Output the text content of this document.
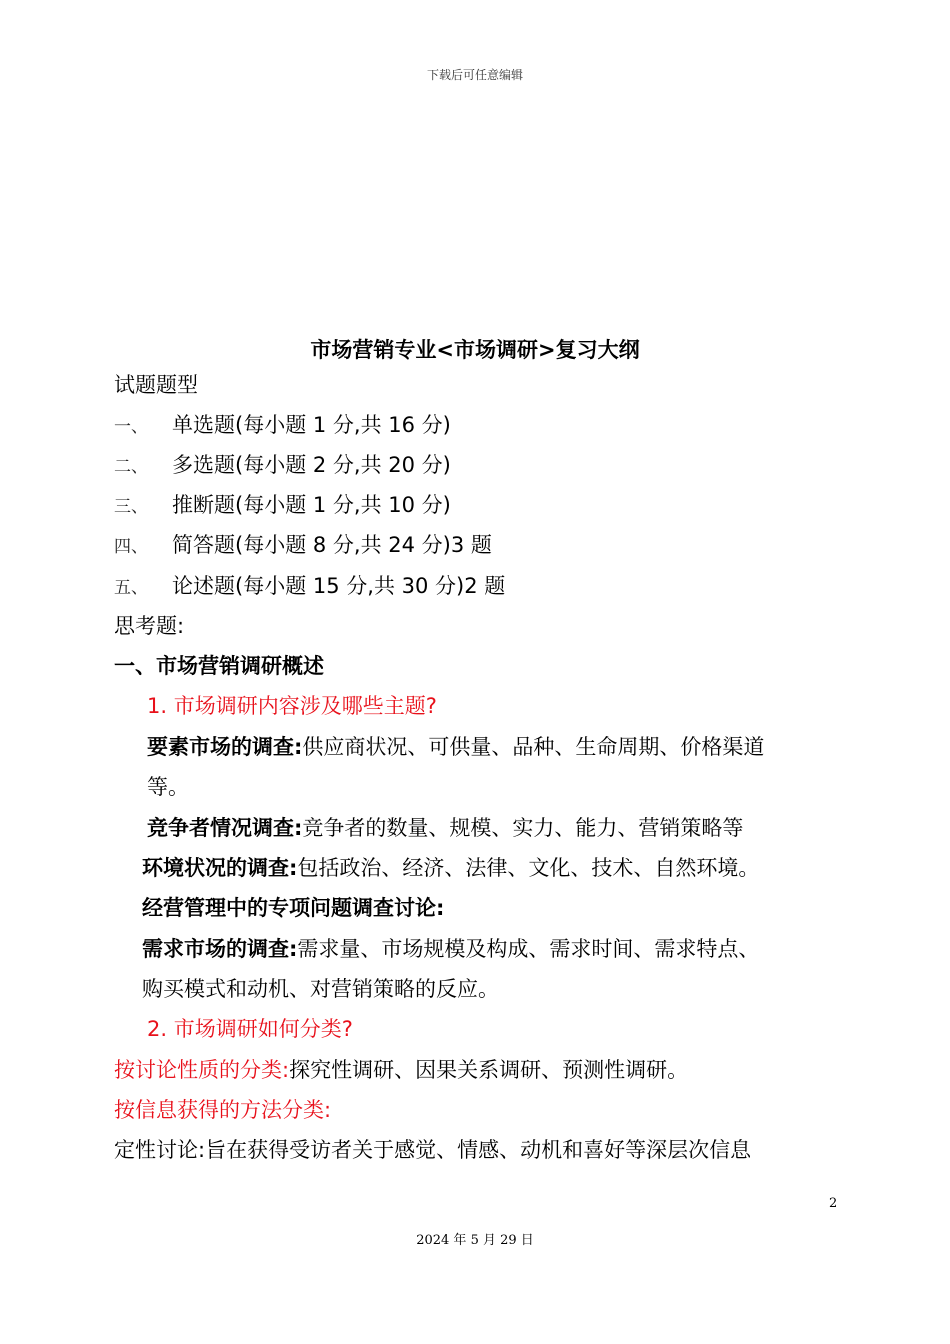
下载后可任意编辑
市场营销专业<市场调研>复习大纲
试题题型
一、 单选题(每小题 1 分,共 16 分)
二、 多选题(每小题 2 分,共 20 分)
三、 推断题(每小题 1 分,共 10 分)
四、 简答题(每小题 8 分,共 24 分)3 题
五、 论述题(每小题 15 分,共 30 分)2 题
思考题:
一、市场营销调研概述
1. 市场调研内容涉及哪些主题?
要素市场的调查:供应商状况、可供量、品种、生命周期、价格渠道
等。
竞争者情况调查:竞争者的数量、规模、实力、能力、营销策略等
环境状况的调查:包括政治、经济、法律、文化、技术、自然环境。
经营管理中的专项问题调查讨论:
需求市场的调查:需求量、市场规模及构成、需求时间、需求特点、
购买模式和动机、对营销策略的反应。
2. 市场调研如何分类?
按讨论性质的分类:探究性调研、因果关系调研、预测性调研。
按信息获得的方法分类:
定性讨论:旨在获得受访者关于感觉、情感、动机和喜好等深层次信息
2
2024 年 5 月 29 日
